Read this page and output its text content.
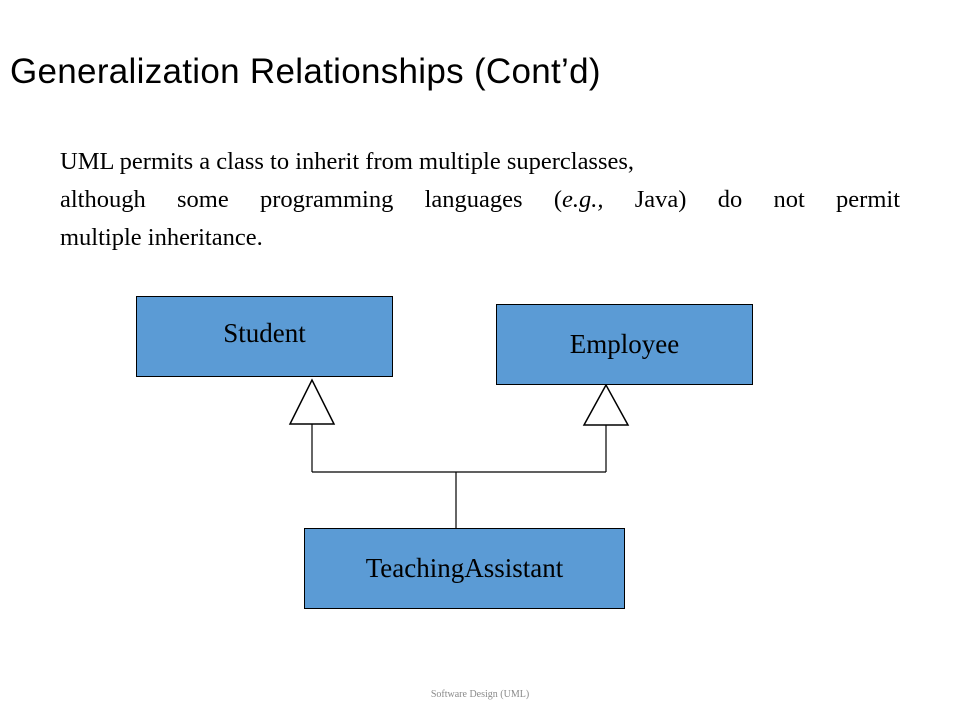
Generalization Relationships (Cont’d)
UML permits a class to inherit from multiple superclasses,
although some programming languages (e.g., Java) do not permit
multiple inheritance.
Student	Employee
TeachingAssistant
Software Design (UML)
